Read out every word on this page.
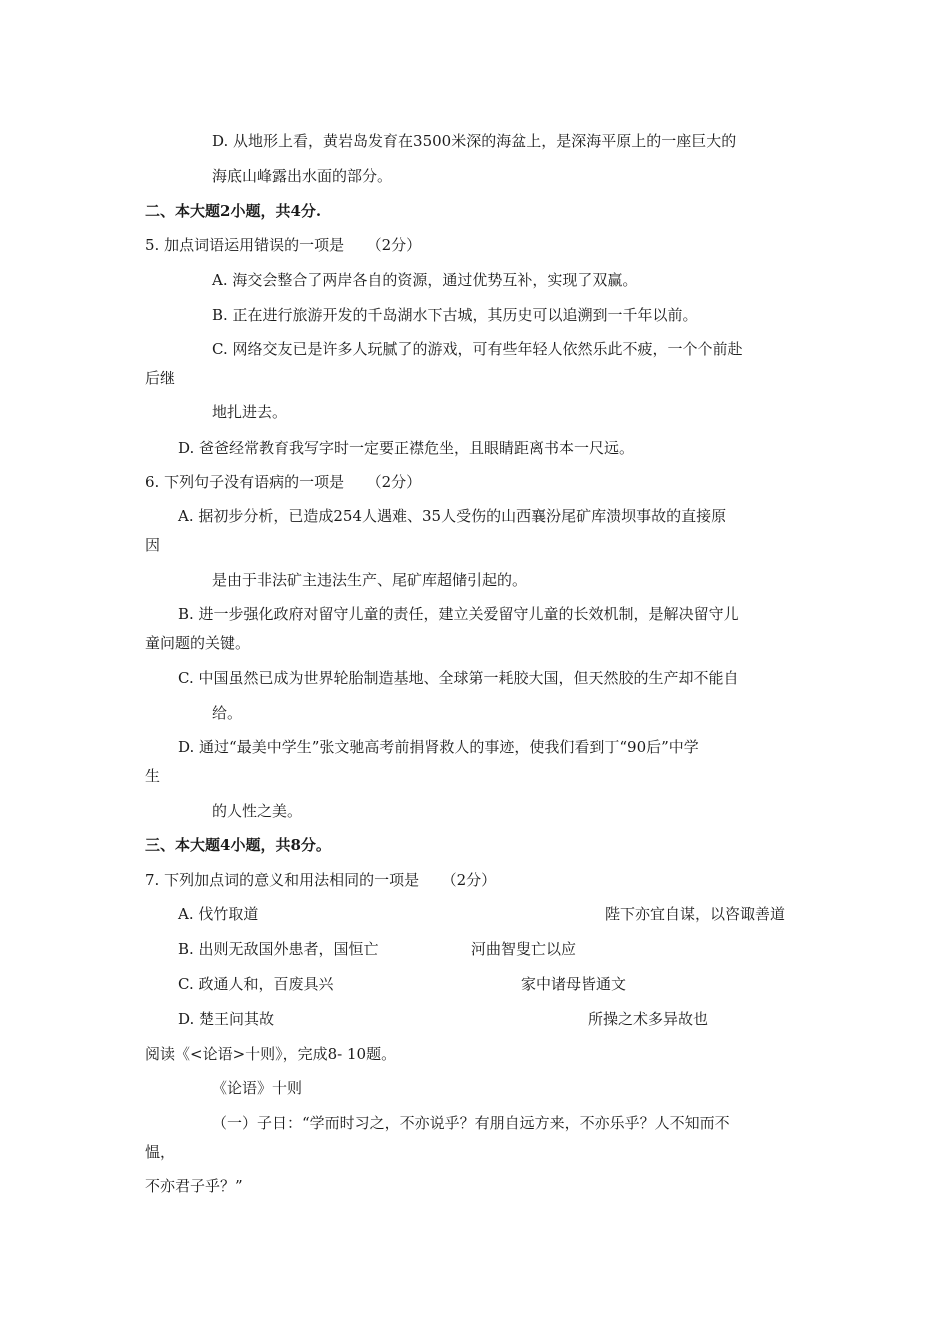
D. 从地形上看，黄岩岛发育在3500米深的海盆上，是深海平原上的一座巨大的
海底山峰露出水面的部分。
二、本大题2小题，共4分.
5. 加点词语运用错误的一项是　　（2分）
A. 海交会整合了两岸各自的资源，通过优势互补，实现了双赢。
B. 正在进行旅游开发的千岛湖水下古城，其历史可以追溯到一千年以前。
C. 网络交友已是许多人玩腻了的游戏，可有些年轻人依然乐此不疲，一个个前赴
后继
地扎进去。
D. 爸爸经常教育我写字时一定要正襟危坐，且眼睛距离书本一尺远。
6. 下列句子没有语病的一项是　　（2分）
A. 据初步分析，已造成254人遇难、35人受伤的山西襄汾尾矿库溃坝事故的直接原
因
是由于非法矿主违法生产、尾矿库超储引起的。
B. 进一步强化政府对留守儿童的责任，建立关爱留守儿童的长效机制，是解决留守儿
童问题的关键。
C. 中国虽然已成为世界轮胎制造基地、全球第一耗胶大国，但天然胶的生产却不能自
给。
D. 通过“最美中学生”张文驰高考前捐肾救人的事迹，使我们看到丁“90后”中学
生
的人性之美。
三、本大题4小题，共8分。
7. 下列加点词的意义和用法相同的一项是　　（2分）
A. 伐竹取道	陛下亦宜自谋，以咨诹善道
B. 出则无敌国外患者，国恒亡	河曲智叟亡以应
C. 政通人和，百废具兴	家中诸母皆通文
D. 楚王问其故	所操之术多异故也
阅读《<论语>十则》，完成8- 10题。
《论语》十则
（一）子日：“学而时习之，不亦说乎？有朋自远方来，不亦乐乎？人不知而不
愠，
不亦君子乎？”
